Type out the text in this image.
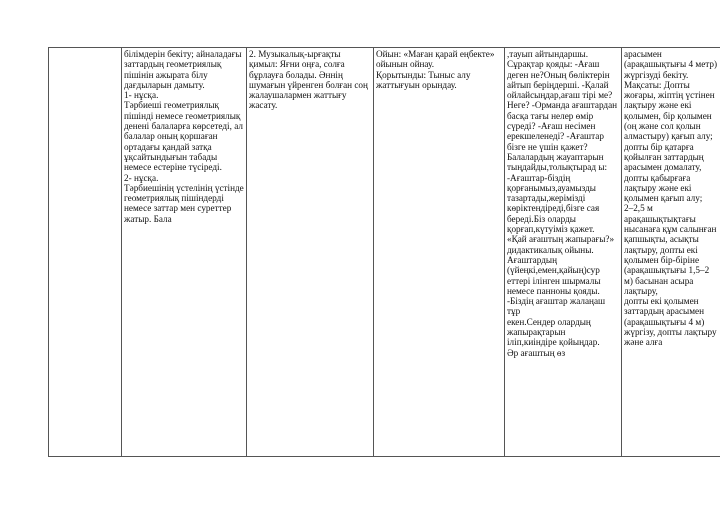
білімдерін бекіту; айналадағы заттардың геометриялық пішінін ажырата білу дағдыларын дамыту.
1- нұсқа.
Тәрбиеші геометриялық пішінді немесе геометриялық денені балаларға көрсетеді, ал балалар оның қоршаған ортадағы қандай затқа ұқсайтындығын табады немесе естеріне түсіреді.
2- нұсқа.
Тәрбиешінің үстелінің үстінде геометриялық пішіндерді немесе заттар мен суреттер
жатыр. Бала

2. Музыкалық-ырғақты қимыл: Яғни оңға, солға бұрлауға болады. Әннің шумағын үйренген болған соң жалаушалармен жаттығу жасату.

Ойын: «Маған қарай еңбекте» ойынын ойнау.
Қорытынды: Тыныс алу жаттығуын орындау.

,тауып айтындаршы.
Сұрақтар қояды: -Ағаш деген не?Оның бөліктерін айтып беріңдерші. -Қалай ойлайсыңдар,ағаш тірі ме?Неге? -Орманда ағаштардан басқа тағы нелер өмір сүреді? -Ағаш несімен ерекшеленеді? -Ағаштар бізге не үшін қажет? Балалардың жауаптарын тыңдайды,толықтырад ы:
-Ағаштар-біздің қорғанымыз,ауамызды тазартады,жерімізді көріктендіреді,бізге сая береді.Біз оларды қорғап,күтуіміз қажет.
«Қай ағаштың жапырағы?»
дидактикалық ойыны.
Ағаштардың (үйеңкі,емен,қайың)сур еттері ілінген шырмалы немесе панноны қояды.
-Біздің ағаштар жалаңаш тұр
екен.Сендер олардың жапырақтарын
іліп,киіндіре қойыңдар.
Әр ағаштың өз

арасымен (арақашықтығы 4 метр) жүргізуді бекіту.
Мақсаты: Допты жоғары, жіптің үстінен лақтыру және екі қолымен, бір қолымен (оң және сол қолын алмастыру) қағып алу; допты бір қатарға қойылған заттардың арасымен домалату, допты қабырғаға лақтыру және екі қолымен қағып алу;
2–2,5 м арақашықтықтағы нысанаға құм салынған қапшықты, асықты лақтыру, допты екі қолымен бір-біріне (арақашықтығы 1,5–2 м) басынан асыра лақтыру,
допты екі қолымен заттардың арасымен (арақашықтығы 4 м) жүргізу, допты лақтыру және алға
